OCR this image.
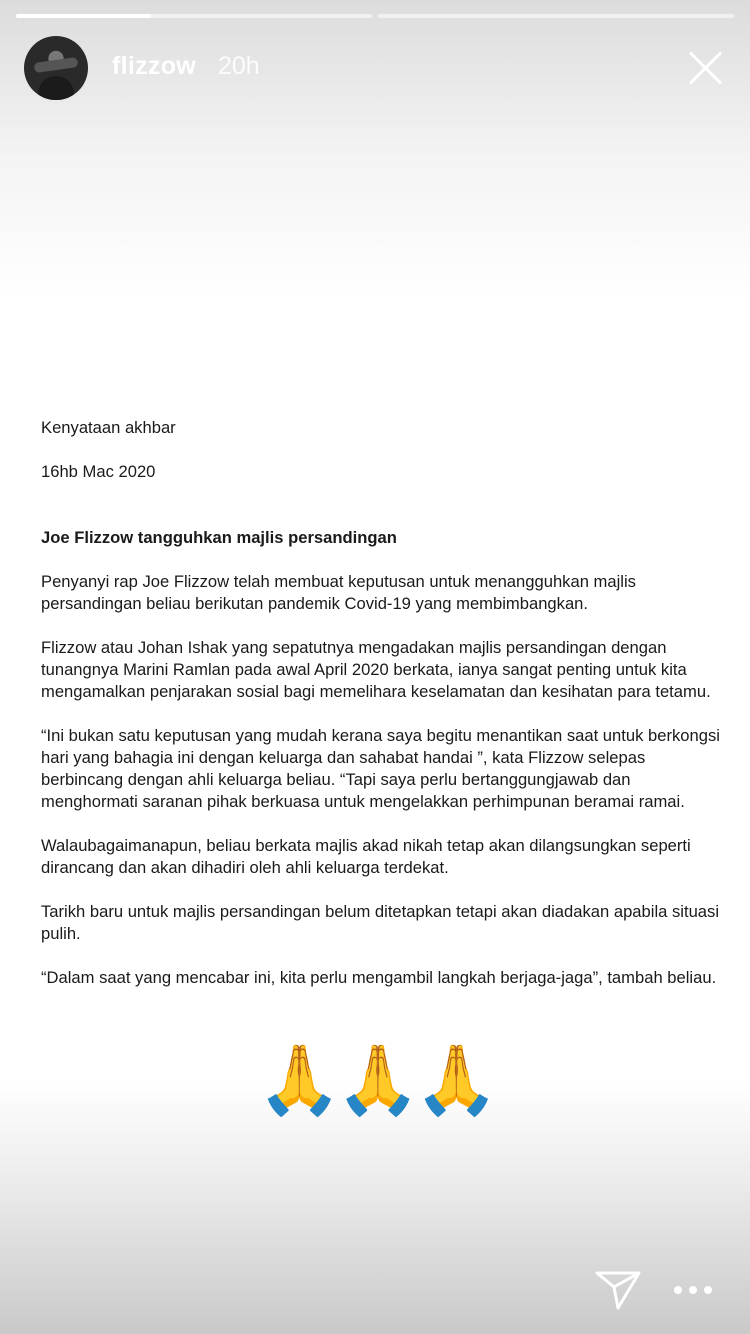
flizzow 20h

Kenyataan akhbar

16hb Mac 2020

Joe Flizzow tangguhkan majlis persandingan

Penyanyi rap Joe Flizzow telah membuat keputusan untuk menangguhkan majlis persandingan beliau berikutan pandemik Covid-19 yang membimbangkan.

Flizzow atau Johan Ishak yang sepatutnya mengadakan majlis persandingan dengan tunangnya Marini Ramlan pada awal April 2020 berkata, ianya sangat penting untuk kita mengamalkan penjarakan sosial bagi memelihara keselamatan dan kesihatan para tetamu.

“Ini bukan satu keputusan yang mudah kerana saya begitu menantikan saat untuk berkongsi hari yang bahagia ini dengan keluarga dan sahabat handai ”, kata Flizzow selepas berbincang dengan ahli keluarga beliau. “Tapi saya perlu bertanggungjawab dan menghormati saranan pihak berkuasa untuk mengelakkan perhimpunan beramai ramai.

Walaubagaimanapun, beliau berkata majlis akad nikah tetap akan dilangsungkan seperti dirancang dan akan dihadiri oleh ahli keluarga terdekat.

Tarikh baru untuk majlis persandingan belum ditetapkan tetapi akan diadakan apabila situasi pulih.

“Dalam saat yang mencabar ini, kita perlu mengambil langkah berjaga-jaga”, tambah beliau.

🙏🙏🙏
